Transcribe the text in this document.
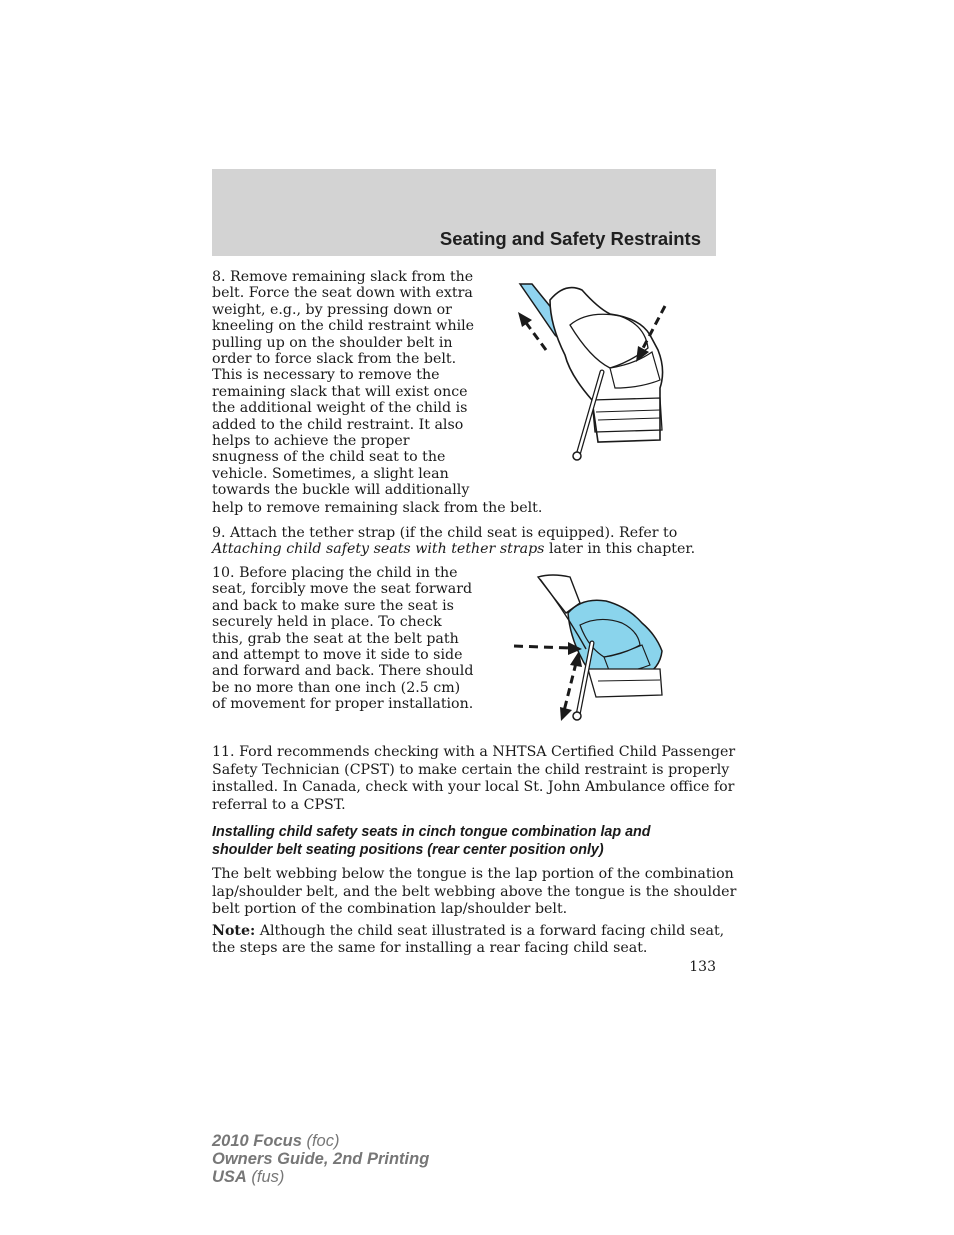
Seating and Safety Restraints
8. Remove remaining slack from the
belt. Force the seat down with extra
weight, e.g., by pressing down or
kneeling on the child restraint while
pulling up on the shoulder belt in
order to force slack from the belt.
This is necessary to remove the
remaining slack that will exist once
the additional weight of the child is
added to the child restraint. It also
helps to achieve the proper
snugness of the child seat to the
vehicle. Sometimes, a slight lean
towards the buckle will additionally
help to remove remaining slack from the belt.
9. Attach the tether strap (if the child seat is equipped). Refer to
Attaching child safety seats with tether straps later in this chapter.
10. Before placing the child in the
seat, forcibly move the seat forward
and back to make sure the seat is
securely held in place. To check
this, grab the seat at the belt path
and attempt to move it side to side
and forward and back. There should
be no more than one inch (2.5 cm)
of movement for proper installation.
11. Ford recommends checking with a NHTSA Certified Child Passenger
Safety Technician (CPST) to make certain the child restraint is properly
installed. In Canada, check with your local St. John Ambulance office for
referral to a CPST.
Installing child safety seats in cinch tongue combination lap and
shoulder belt seating positions (rear center position only)
The belt webbing below the tongue is the lap portion of the combination
lap/shoulder belt, and the belt webbing above the tongue is the shoulder
belt portion of the combination lap/shoulder belt.
Note: Although the child seat illustrated is a forward facing child seat,
the steps are the same for installing a rear facing child seat.
133
2010 Focus (foc)
Owners Guide, 2nd Printing
USA (fus)
